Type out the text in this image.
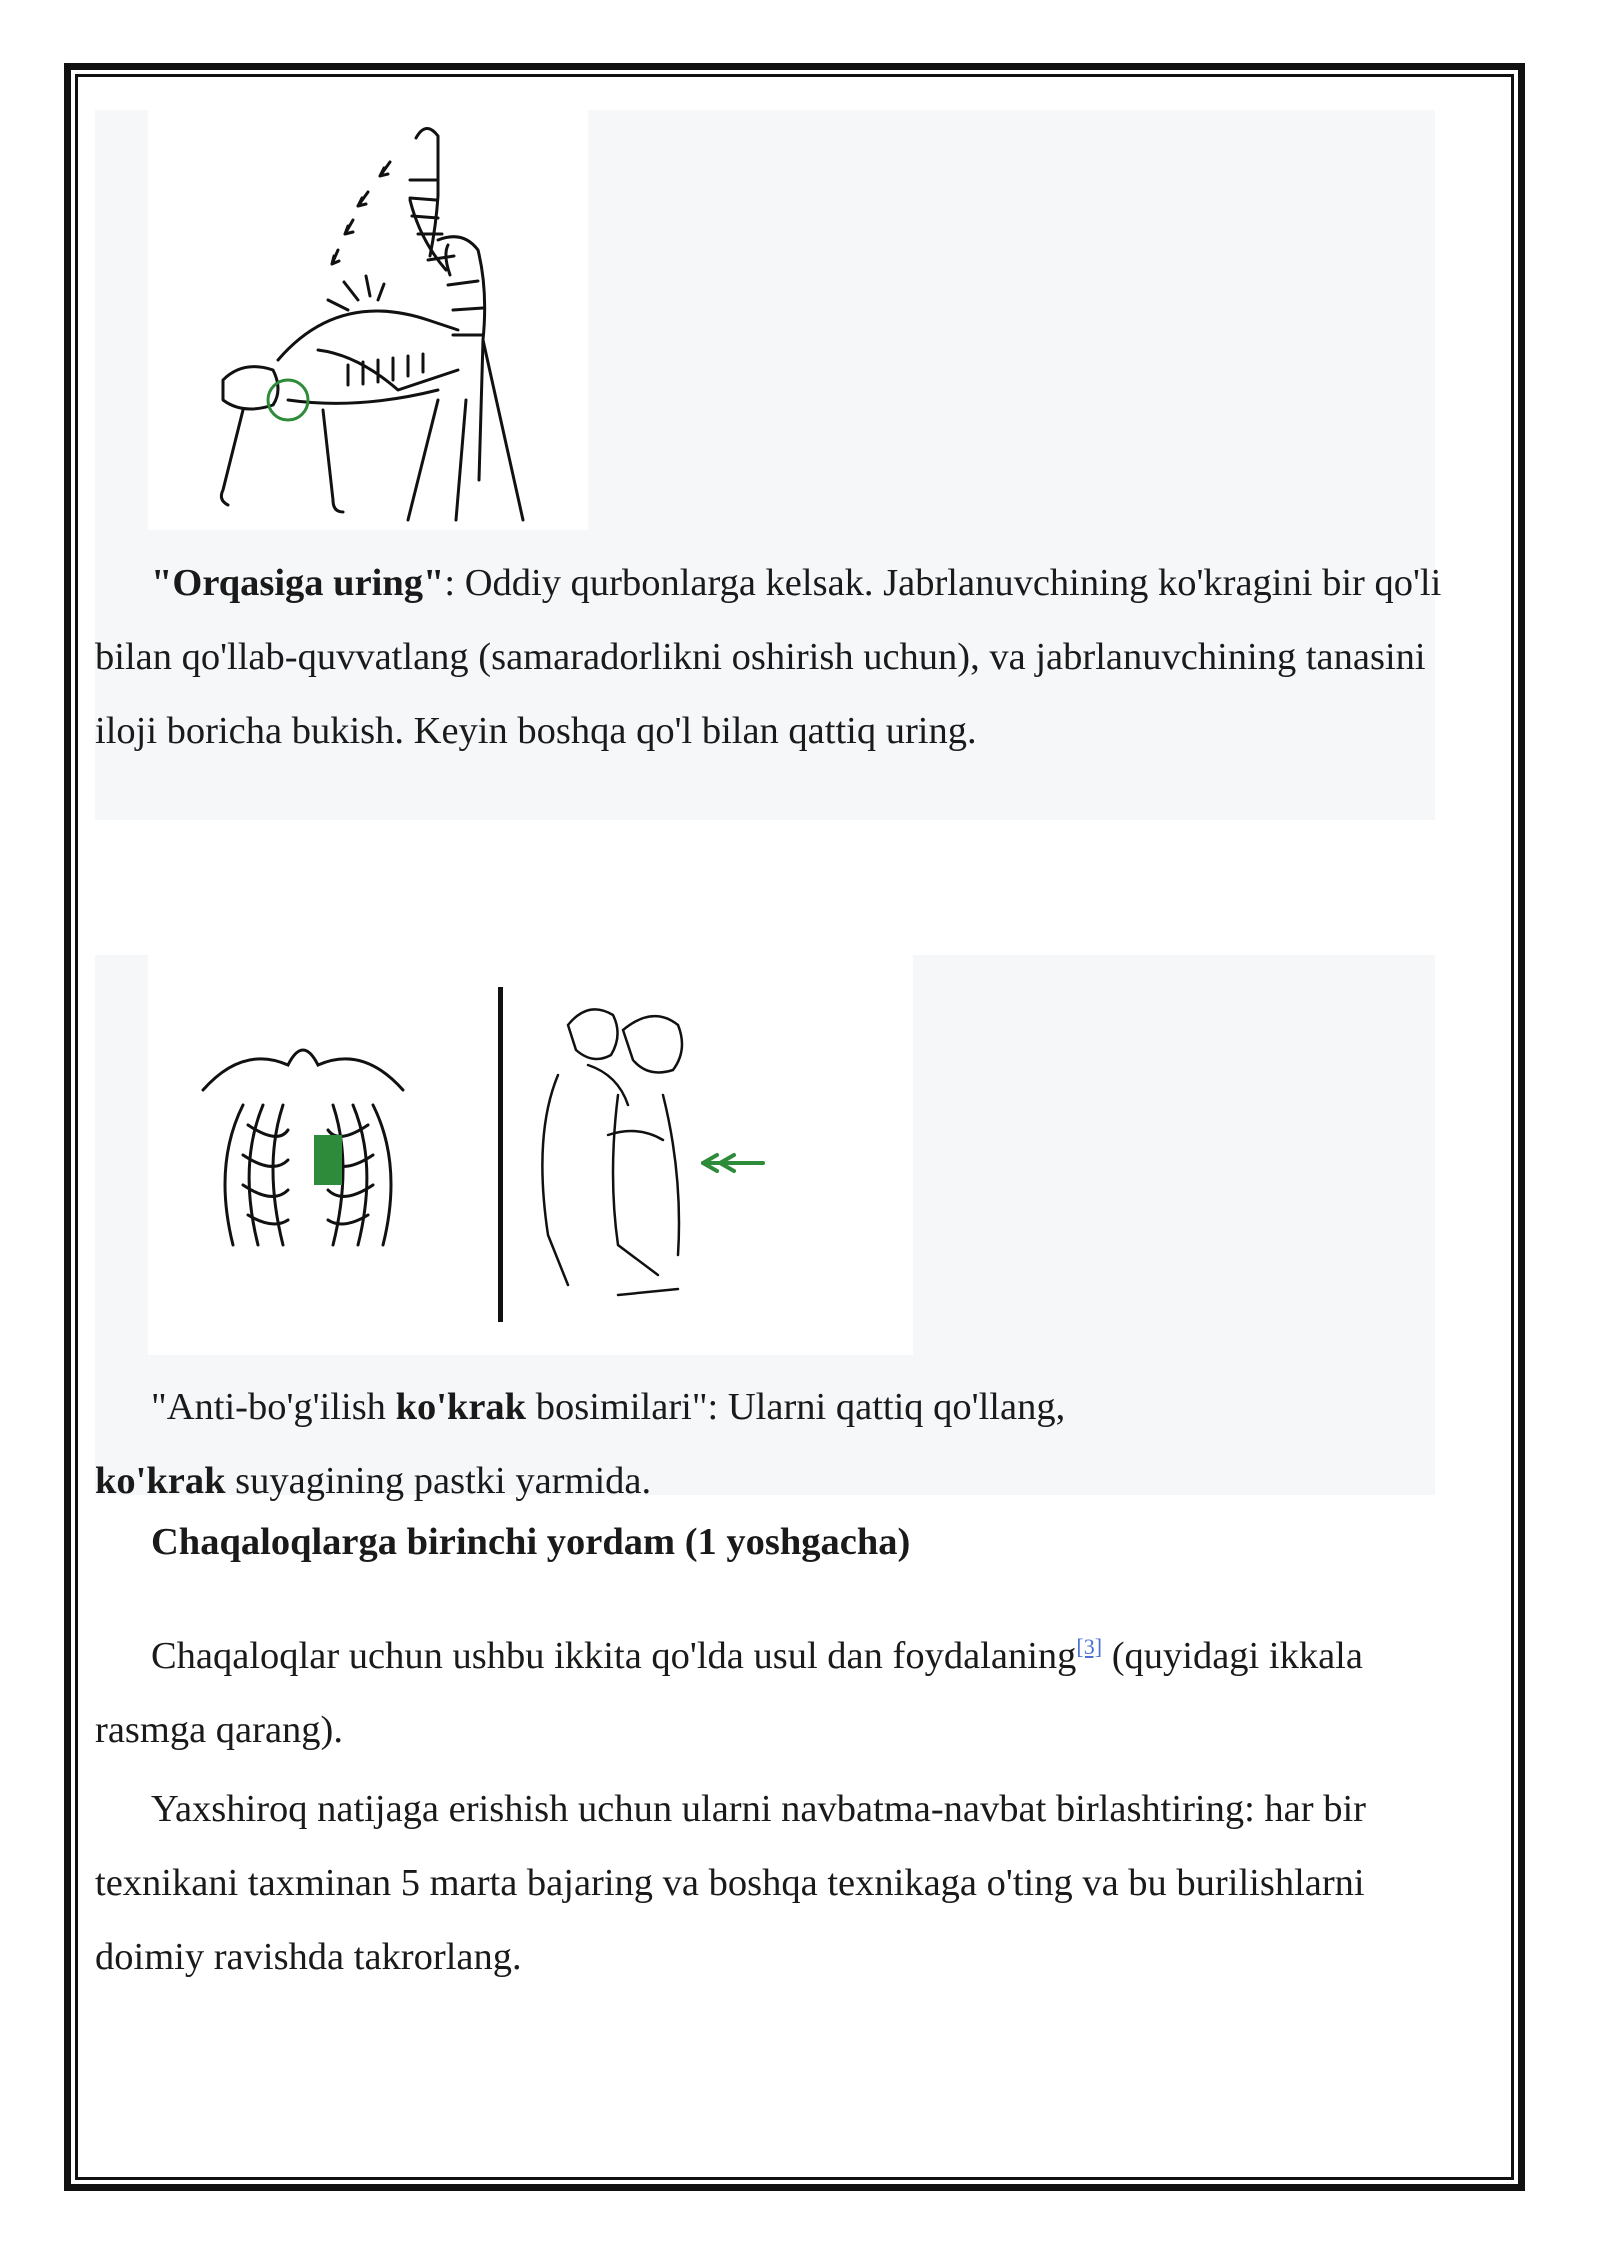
"Orqasiga uring": Oddiy qurbonlarga kelsak. Jabrlanuvchining ko'kragini bir qo'li bilan qo'llab-quvvatlang (samaradorlikni oshirish uchun), va jabrlanuvchining tanasini iloji boricha bukish. Keyin boshqa qo'l bilan qattiq uring.

"Anti-bo'g'ilish ko'krak bosimilari": Ularni qattiq qo'llang, ko'krak suyagining pastki yarmida.

Chaqaloqlarga birinchi yordam (1 yoshgacha)

Chaqaloqlar uchun ushbu ikkita qo'lda usul dan foydalaning[3] (quyidagi ikkala rasmga qarang).

Yaxshiroq natijaga erishish uchun ularni navbatma-navbat birlashtiring: har bir texnikani taxminan 5 marta bajaring va boshqa texnikaga o'ting va bu burilishlarni doimiy ravishda takrorlang.
